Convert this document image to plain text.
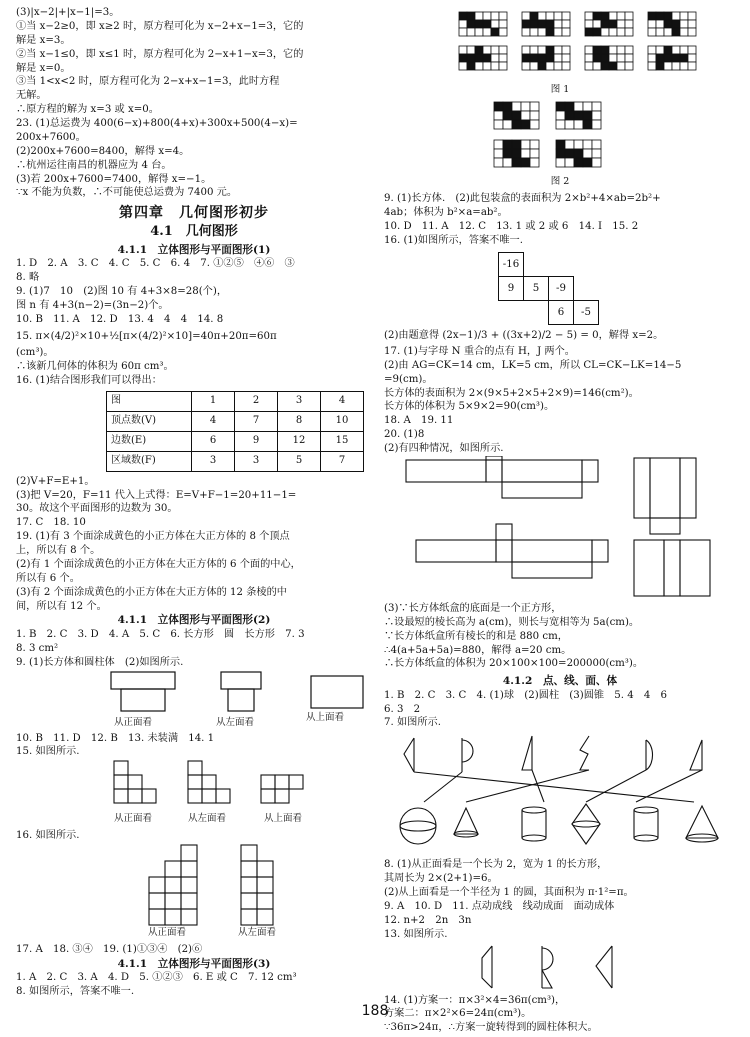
(3)|x−2|+|x−1|=3。
①当 x−2≥0，即 x≥2 时，原方程可化为 x−2+x−1=3，它的
解是 x=3。
②当 x−1≤0，即 x≤1 时，原方程可化为 2−x+1−x=3，它的
解是 x=0。
③当 1<x<2 时，原方程可化为 2−x+x−1=3，此时方程
无解。
∴原方程的解为 x=3 或 x=0。
23. (1)总运费为 400(6−x)+800(4+x)+300x+500(4−x)=
200x+7600。
(2)200x+7600=8400，解得 x=4。
∴杭州运往南昌的机器应为 4 台。
(3)若 200x+7600=7400，解得 x=−1。
∵x 不能为负数，∴不可能使总运费为 7400 元。
第四章　几何图形初步
4.1　几何图形
4.1.1　立体图形与平面图形(1)
1. D　2. A　3. C　4. C　5. C　6. 4　7. ①②⑤　④⑥　③
8. 略
9. (1)7　10　(2)图 10 有 4+3×8=28(个)，
图 n 有 4+3(n−2)=(3n−2)个。
10. B　11. A　12. D　13. 4　4　4　14. 8
15. π×(4/2)²×10+½[π×(4/2)²×10]=40π+20π=60π
(cm³)。
∴该新几何体的体积为 60π cm³。
16. (1)结合图形我们可以得出：
图	1	2	3	4
顶点数(V)	4	7	8	10
边数(E)	6	9	12	15
区域数(F)	3	3	5	7
(2)V+F=E+1。
(3)把 V=20，F=11 代入上式得：E=V+F−1=20+11−1=
30。故这个平面图形的边数为 30。
17. C　18. 10
19. (1)有 3 个面涂成黄色的小正方体在大正方体的 8 个顶点
上，所以有 8 个。
(2)有 1 个面涂成黄色的小正方体在大正方体的 6 个面的中心，
所以有 6 个。
(3)有 2 个面涂成黄色的小正方体在大正方体的 12 条棱的中
间，所以有 12 个。
4.1.1　立体图形与平面图形(2)
1. B　2. C　3. D　4. A　5. C　6. 长方形　圆　长方形　7. 3
8. 3 cm²
9. (1)长方体和圆柱体　(2)如图所示.
从正面看	从左面看	从上面看
10. B　11. D　12. B　13. 未装满　14. 1
15. 如图所示.
从正面看	从左面看	从上面看
16. 如图所示.
从正面看	从左面看
17. A　18. ③④　19. (1)①③④　(2)⑥
4.1.1　立体图形与平面图形(3)
1. A　2. C　3. A　4. D　5. ①②③　6. E 或 C　7. 12 cm³
8. 如图所示，答案不唯一.
图 1
图 2
9. (1)长方体.　(2)此包装盒的表面积为 2×b²+4×ab=2b²+
4ab；体积为 b²×a=ab²。
10. D　11. A　12. C　13. 1 或 2 或 6　14. I　15. 2
16. (1)如图所示，答案不唯一.
-16
9	5	-9
6	-5
(2)由题意得 (2x−1)/3 + ((3x+2)/2 − 5) = 0，解得 x=2。
17. (1)与字母 N 重合的点有 H，J 两个。
(2)由 AG=CK=14 cm，LK=5 cm，所以 CL=CK−LK=14−5
=9(cm)。
长方体的表面积为 2×(9×5+2×5+2×9)=146(cm²)。
长方体的体积为 5×9×2=90(cm³)。
18. A　19. 11
20. (1)8
(2)有四种情况，如图所示.
(3)∵长方体纸盒的底面是一个正方形，
∴设最短的棱长高为 a(cm)，则长与宽相等为 5a(cm)。
∵长方体纸盒所有棱长的和是 880 cm，
∴4(a+5a+5a)=880，解得 a=20 cm。
∴长方体纸盒的体积为 20×100×100=200000(cm³)。
4.1.2　点、线、面、体
1. B　2. C　3. C　4. (1)球　(2)圆柱　(3)圆锥　5. 4　4　6
6. 3　2
7. 如图所示.
8. (1)从正面看是一个长为 2，宽为 1 的长方形，
其周长为 2×(2+1)=6。
(2)从上面看是一个半径为 1 的圆，其面积为 π·1²=π。
9. A　10. D　11. 点动成线　线动成面　面动成体
12. n+2　2n　3n
13. 如图所示.
14. (1)方案一：π×3²×4=36π(cm³)，
方案二：π×2²×6=24π(cm³)。
∵36π>24π，∴方案一旋转得到的圆柱体积大。
188
